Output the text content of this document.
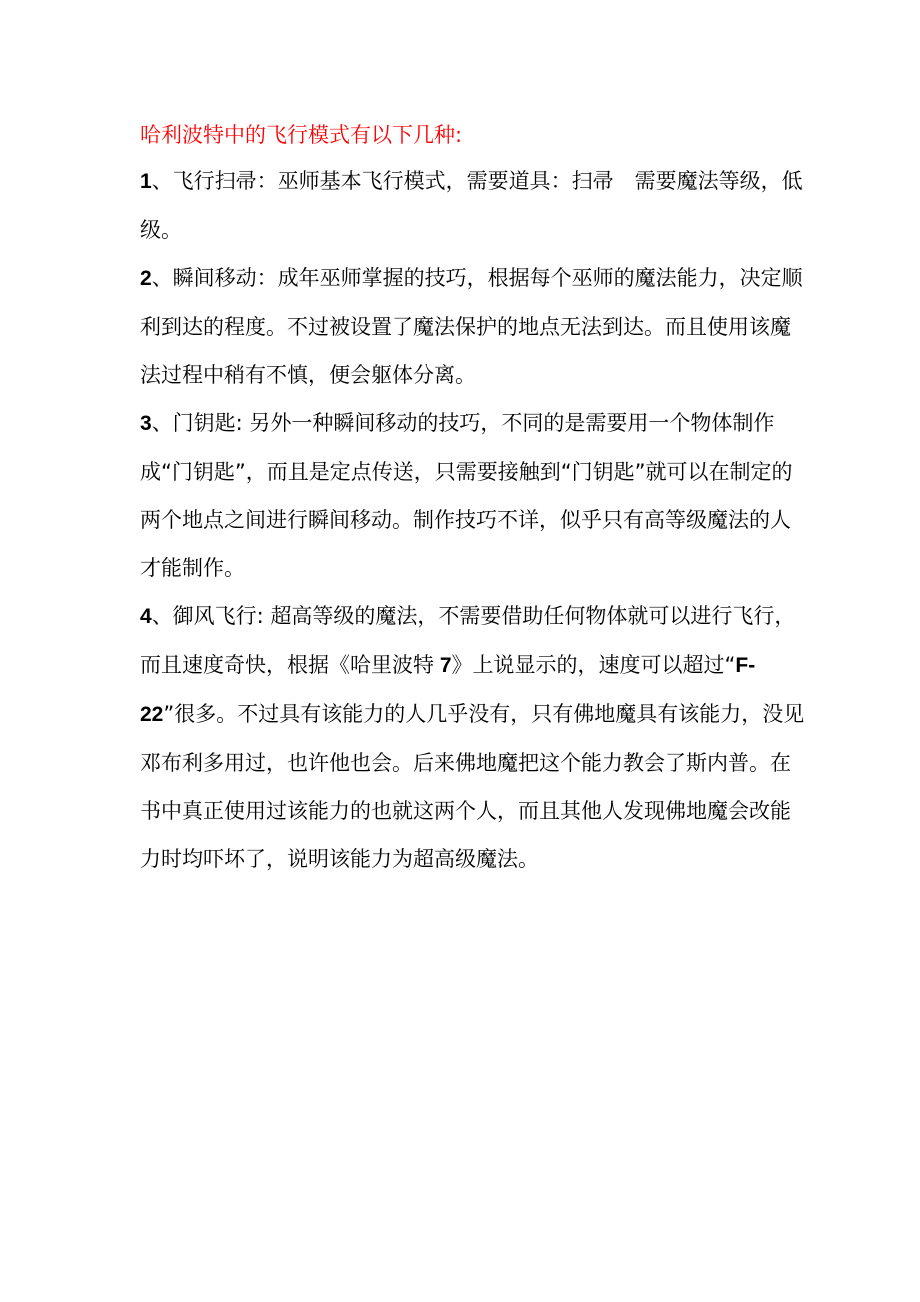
哈利波特中的飞行模式有以下几种:

1、飞行扫帚：巫师基本飞行模式，需要道具：扫帚　需要魔法等级，低级。

2、瞬间移动：成年巫师掌握的技巧，根据每个巫师的魔法能力，决定顺利到达的程度。不过被设置了魔法保护的地点无法到达。而且使用该魔法过程中稍有不慎，便会躯体分离。

3、门钥匙: 另外一种瞬间移动的技巧，不同的是需要用一个物体制作成“门钥匙”，而且是定点传送，只需要接触到“门钥匙”就可以在制定的两个地点之间进行瞬间移动。制作技巧不详，似乎只有高等级魔法的人才能制作。

4、御风飞行: 超高等级的魔法，不需要借助任何物体就可以进行飞行，而且速度奇快，根据《哈里波特 7》上说显示的，速度可以超过“F-22”很多。不过具有该能力的人几乎没有，只有佛地魔具有该能力，没见邓布利多用过，也许他也会。后来佛地魔把这个能力教会了斯内普。在书中真正使用过该能力的也就这两个人，而且其他人发现佛地魔会改能力时均吓坏了，说明该能力为超高级魔法。
